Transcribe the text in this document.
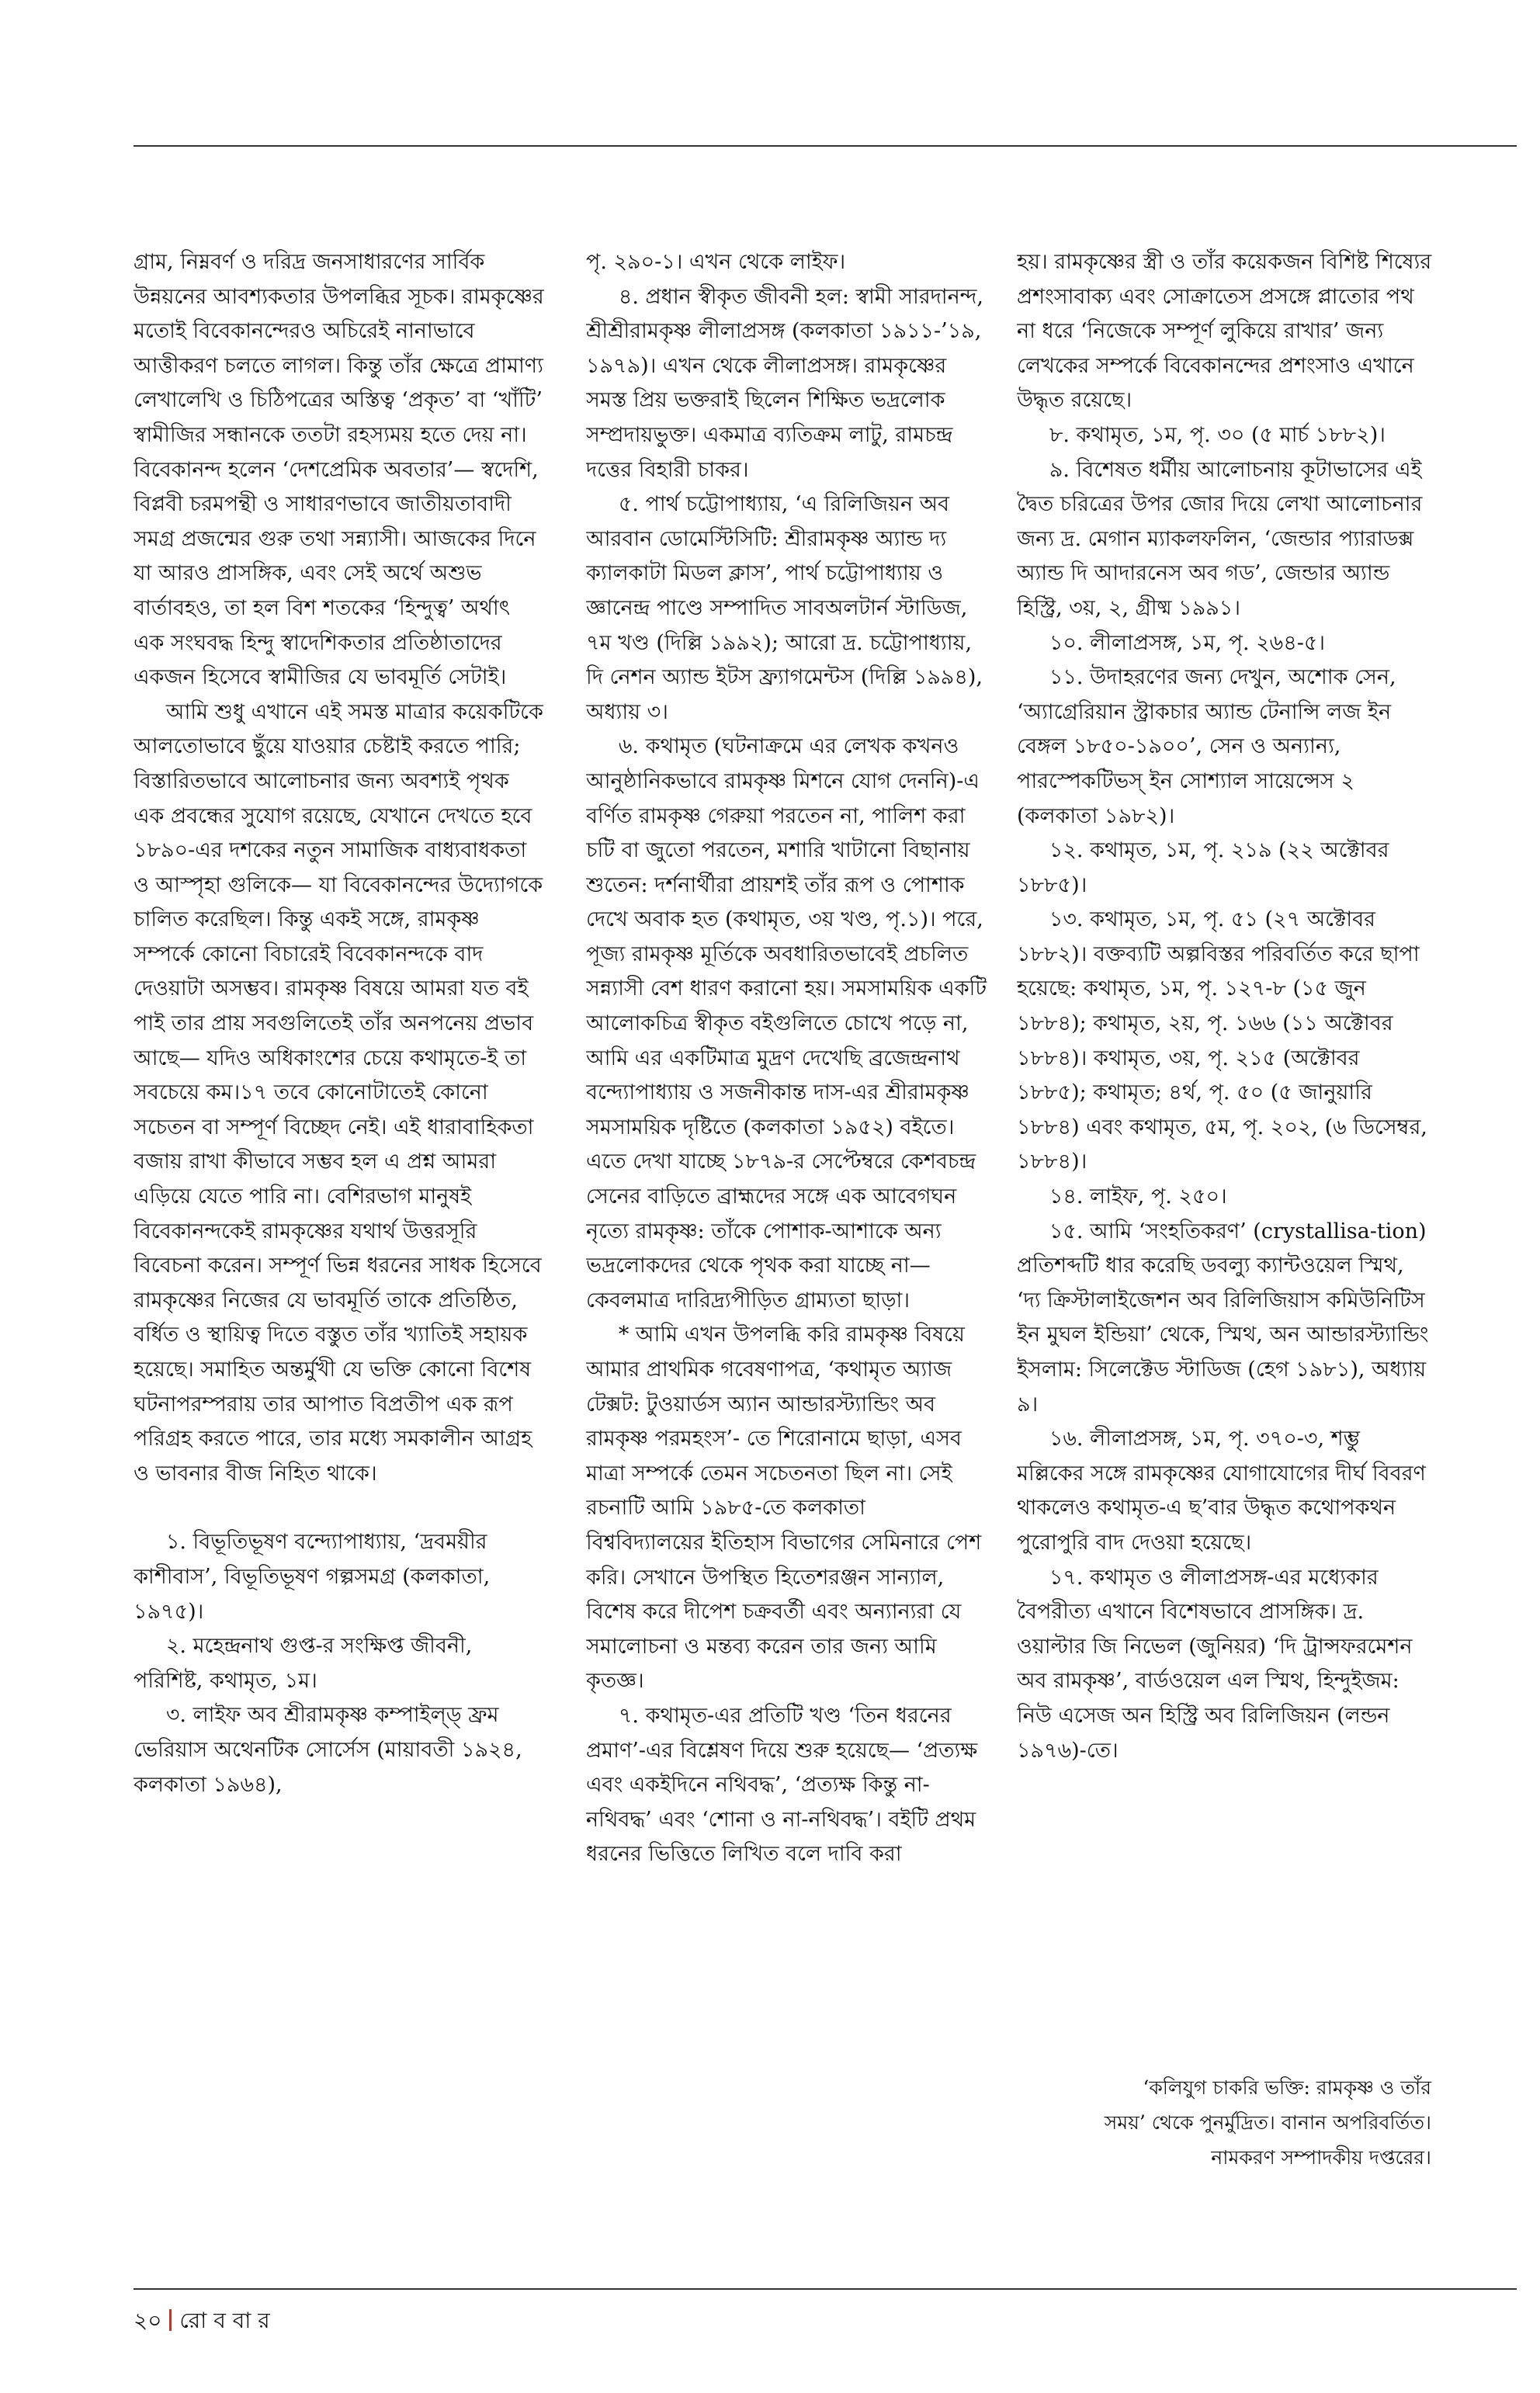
গ্রাম, নিম্নবর্ণ ও দরিদ্র জনসাধারণের সার্বিক উন্নয়নের আবশ্যকতার উপলব্ধির সূচক। রামকৃষ্ণের মতোই বিবেকানন্দেরও অচিরেই নানাভাবে আত্তীকরণ চলতে লাগল। কিন্তু তাঁর ক্ষেত্রে প্রামাণ্য লেখালেখি ও চিঠিপত্রের অস্তিত্ব ‘প্রকৃত’ বা ‘খাঁটি’ স্বামীজির সন্ধানকে ততটা রহস্যময় হতে দেয় না। বিবেকানন্দ হলেন ‘দেশপ্রেমিক অবতার’— স্বদেশি, বিপ্লবী চরমপন্থী ও সাধারণভাবে জাতীয়তাবাদী সমগ্র প্রজন্মের গুরু তথা সন্ন্যাসী। আজকের দিনে যা আরও প্রাসঙ্গিক, এবং সেই অর্থে অশুভ বার্তাবহও, তা হল বিশ শতকের ‘হিন্দুত্ব’ অর্থাৎ এক সংঘবদ্ধ হিন্দু স্বাদেশিকতার প্রতিষ্ঠাতাদের একজন হিসেবে স্বামীজির যে ভাবমূর্তি সেটাই।

আমি শুধু এখানে এই সমস্ত মাত্রার কয়েকটিকে আলতোভাবে ছুঁয়ে যাওয়ার চেষ্টাই করতে পারি; বিস্তারিতভাবে আলোচনার জন্য অবশ্যই পৃথক এক প্রবন্ধের সুযোগ রয়েছে, যেখানে দেখতে হবে ১৮৯০-এর দশকের নতুন সামাজিক বাধ্যবাধকতা ও আস্পৃহা গুলিকে— যা বিবেকানন্দের উদ্যোগকে চালিত করেছিল। কিন্তু একই সঙ্গে, রামকৃষ্ণ সম্পর্কে কোনো বিচারেই বিবেকানন্দকে বাদ দেওয়াটা অসম্ভব। রামকৃষ্ণ বিষয়ে আমরা যত বই পাই তার প্রায় সবগুলিতেই তাঁর অনপনেয় প্রভাব আছে— যদিও অধিকাংশের চেয়ে কথামৃতে-ই তা সবচেয়ে কম।১৭ তবে কোনোটাতেই কোনো সচেতন বা সম্পূর্ণ বিচ্ছেদ নেই। এই ধারাবাহিকতা বজায় রাখা কীভাবে সম্ভব হল এ প্রশ্ন আমরা এড়িয়ে যেতে পারি না। বেশিরভাগ মানুষই বিবেকানন্দকেই রামকৃষ্ণের যথার্থ উত্তরসূরি বিবেচনা করেন। সম্পূর্ণ ভিন্ন ধরনের সাধক হিসেবে রামকৃষ্ণের নিজের যে ভাবমূর্তি তাকে প্রতিষ্ঠিত, বর্ধিত ও স্থায়িত্ব দিতে বস্তুত তাঁর খ্যাতিই সহায়ক হয়েছে। সমাহিত অন্তর্মুখী যে ভক্তি কোনো বিশেষ ঘটনাপরম্পরায় তার আপাত বিপ্রতীপ এক রূপ পরিগ্রহ করতে পারে, তার মধ্যে সমকালীন আগ্রহ ও ভাবনার বীজ নিহিত থাকে।

১. বিভূতিভূষণ বন্দ্যোপাধ্যায়, ‘দ্রবময়ীর কাশীবাস’, বিভূতিভূষণ গল্পসমগ্র (কলকাতা, ১৯৭৫)।

২. মহেন্দ্রনাথ গুপ্ত-র সংক্ষিপ্ত জীবনী, পরিশিষ্ট, কথামৃত, ১ম।

৩. লাইফ অব শ্রীরামকৃষ্ণ কম্পাইল্ড্ ফ্রম ভেরিয়াস অথেনটিক সোর্সেস (মায়াবতী ১৯২৪, কলকাতা ১৯৬৪),

পৃ. ২৯০-১। এখন থেকে লাইফ।

৪. প্রধান স্বীকৃত জীবনী হল: স্বামী সারদানন্দ, শ্রীশ্রীরামকৃষ্ণ লীলাপ্রসঙ্গ (কলকাতা ১৯১১-’১৯, ১৯৭৯)। এখন থেকে লীলাপ্রসঙ্গ। রামকৃষ্ণের সমস্ত প্রিয় ভক্তরাই ছিলেন শিক্ষিত ভদ্রলোক সম্প্রদায়ভুক্ত। একমাত্র ব্যতিক্রম লাটু, রামচন্দ্র দত্তের বিহারী চাকর।

৫. পার্থ চট্টোপাধ্যায়, ‘এ রিলিজিয়ন অব আরবান ডোমেস্টিসিটি: শ্রীরামকৃষ্ণ অ্যান্ড দ্য ক্যালকাটা মিডল ক্লাস’, পার্থ চট্টোপাধ্যায় ও জ্ঞানেন্দ্র পাণ্ডে সম্পাদিত সাবঅলটার্ন স্টাডিজ, ৭ম খণ্ড (দিল্লি ১৯৯২); আরো দ্র. চট্টোপাধ্যায়, দি নেশন অ্যান্ড ইটস ফ্র্যাগমেন্টস (দিল্লি ১৯৯৪), অধ্যায় ৩।

৬. কথামৃত (ঘটনাক্রমে এর লেখক কখনও আনুষ্ঠানিকভাবে রামকৃষ্ণ মিশনে যোগ দেননি)-এ বর্ণিত রামকৃষ্ণ গেরুয়া পরতেন না, পালিশ করা চটি বা জুতো পরতেন, মশারি খাটানো বিছানায় শুতেন: দর্শনার্থীরা প্রায়শই তাঁর রূপ ও পোশাক দেখে অবাক হত (কথামৃত, ৩য় খণ্ড, পৃ.১)। পরে, পূজ্য রামকৃষ্ণ মূর্তিকে অবধারিতভাবেই প্রচলিত সন্ন্যাসী বেশ ধারণ করানো হয়। সমসাময়িক একটি আলোকচিত্র স্বীকৃত বইগুলিতে চোখে পড়ে না, আমি এর একটিমাত্র মুদ্রণ দেখেছি ব্রজেন্দ্রনাথ বন্দ্যোপাধ্যায় ও সজনীকান্ত দাস-এর শ্রীরামকৃষ্ণ সমসাময়িক দৃষ্টিতে (কলকাতা ১৯৫২) বইতে। এতে দেখা যাচ্ছে ১৮৭৯-র সেপ্টেম্বরে কেশবচন্দ্র সেনের বাড়িতে ব্রাহ্মদের সঙ্গে এক আবেগঘন নৃত্যে রামকৃষ্ণ: তাঁকে পোশাক-আশাকে অন্য ভদ্রলোকদের থেকে পৃথক করা যাচ্ছে না— কেবলমাত্র দারিদ্র্যপীড়িত গ্রাম্যতা ছাড়া।

* আমি এখন উপলব্ধি করি রামকৃষ্ণ বিষয়ে আমার প্রাথমিক গবেষণাপত্র, ‘কথামৃত অ্যাজ টেক্সট: টুওয়ার্ডস অ্যান আন্ডারস্ট্যান্ডিং অব রামকৃষ্ণ পরমহংস’- তে শিরোনামে ছাড়া, এসব মাত্রা সম্পর্কে তেমন সচেতনতা ছিল না। সেই রচনাটি আমি ১৯৮৫-তে কলকাতা বিশ্ববিদ্যালয়ের ইতিহাস বিভাগের সেমিনারে পেশ করি। সেখানে উপস্থিত হিতেশরঞ্জন সান্যাল, বিশেষ করে দীপেশ চক্রবর্তী এবং অন্যান্যরা যে সমালোচনা ও মন্তব্য করেন তার জন্য আমি কৃতজ্ঞ।

৭. কথামৃত-এর প্রতিটি খণ্ড ‘তিন ধরনের প্রমাণ’-এর বিশ্লেষণ দিয়ে শুরু হয়েছে— ‘প্রত্যক্ষ এবং একইদিনে নথিবদ্ধ’, ‘প্রত্যক্ষ কিন্তু না-নথিবদ্ধ’ এবং ‘শোনা ও না-নথিবদ্ধ’। বইটি প্রথম ধরনের ভিত্তিতে লিখিত বলে দাবি করা

হয়। রামকৃষ্ণের স্ত্রী ও তাঁর কয়েকজন বিশিষ্ট শিষ্যের প্রশংসাবাক্য এবং সোক্রাতেস প্রসঙ্গে প্লাতোর পথ না ধরে ‘নিজেকে সম্পূর্ণ লুকিয়ে রাখার’ জন্য লেখকের সম্পর্কে বিবেকানন্দের প্রশংসাও এখানে উদ্ধৃত রয়েছে।

৮. কথামৃত, ১ম, পৃ. ৩০ (৫ মার্চ ১৮৮২)।

৯. বিশেষত ধর্মীয় আলোচনায় কূটাভাসের এই দ্বৈত চরিত্রের উপর জোর দিয়ে লেখা আলোচনার জন্য দ্র. মেগান ম্যাকলফলিন, ‘জেন্ডার প্যারাডক্স অ্যান্ড দি আদারনেস অব গড’, জেন্ডার অ্যান্ড হিস্ট্রি, ৩য়, ২, গ্রীষ্ম ১৯৯১।

১০. লীলাপ্রসঙ্গ, ১ম, পৃ. ২৬৪-৫।

১১. উদাহরণের জন্য দেখুন, অশোক সেন, ‘অ্যাগ্রেরিয়ান স্ট্রাকচার অ্যান্ড টেনান্সি লজ ইন বেঙ্গল ১৮৫০-১৯০০’, সেন ও অন্যান্য, পারস্পেকটিভস্ ইন সোশ্যাল সায়েন্সেস ২ (কলকাতা ১৯৮২)।

১২. কথামৃত, ১ম, পৃ. ২১৯ (২২ অক্টোবর ১৮৮৫)।

১৩. কথামৃত, ১ম, পৃ. ৫১ (২৭ অক্টোবর ১৮৮২)। বক্তব্যটি অল্পবিস্তর পরিবর্তিত করে ছাপা হয়েছে: কথামৃত, ১ম, পৃ. ১২৭-৮ (১৫ জুন ১৮৮৪); কথামৃত, ২য়, পৃ. ১৬৬ (১১ অক্টোবর ১৮৮৪)। কথামৃত, ৩য়, পৃ. ২১৫ (অক্টোবর ১৮৮৫); কথামৃত; ৪র্থ, পৃ. ৫০ (৫ জানুয়ারি ১৮৮৪) এবং কথামৃত, ৫ম, পৃ. ২০২, (৬ ডিসেম্বর, ১৮৮৪)।

১৪. লাইফ, পৃ. ২৫০।

১৫. আমি ‘সংহতিকরণ’ (crystallisa-tion) প্রতিশব্দটি ধার করেছি ডবল্যু ক্যান্টওয়েল স্মিথ, ‘দ্য ক্রিস্টালাইজেশন অব রিলিজিয়াস কমিউনিটিস ইন মুঘল ইন্ডিয়া’ থেকে, স্মিথ, অন আন্ডারস্ট্যান্ডিং ইসলাম: সিলেক্টেড স্টাডিজ (হেগ ১৯৮১), অধ্যায় ৯।

১৬. লীলাপ্রসঙ্গ, ১ম, পৃ. ৩৭০-৩, শম্ভু মল্লিকের সঙ্গে রামকৃষ্ণের যোগাযোগের দীর্ঘ বিবরণ থাকলেও কথামৃত-এ ছ’বার উদ্ধৃত কথোপকথন পুরোপুরি বাদ দেওয়া হয়েছে।

১৭. কথামৃত ও লীলাপ্রসঙ্গ-এর মধ্যেকার বৈপরীত্য এখানে বিশেষভাবে প্রাসঙ্গিক। দ্র. ওয়াল্টার জি নিভেল (জুনিয়র) ‘দি ট্রান্সফরমেশন অব রামকৃষ্ণ’, বার্ডওয়েল এল স্মিথ, হিন্দুইজম: নিউ এসেজ অন হিস্ট্রি অব রিলিজিয়ন (লন্ডন ১৯৭৬)-তে।

‘কলিযুগ চাকরি ভক্তি: রামকৃষ্ণ ও তাঁর

সময়’ থেকে পুনর্মুদ্রিত। বানান অপরিবর্তিত।

নামকরণ সম্পাদকীয় দপ্তরের।

২০ রো ব বা র
